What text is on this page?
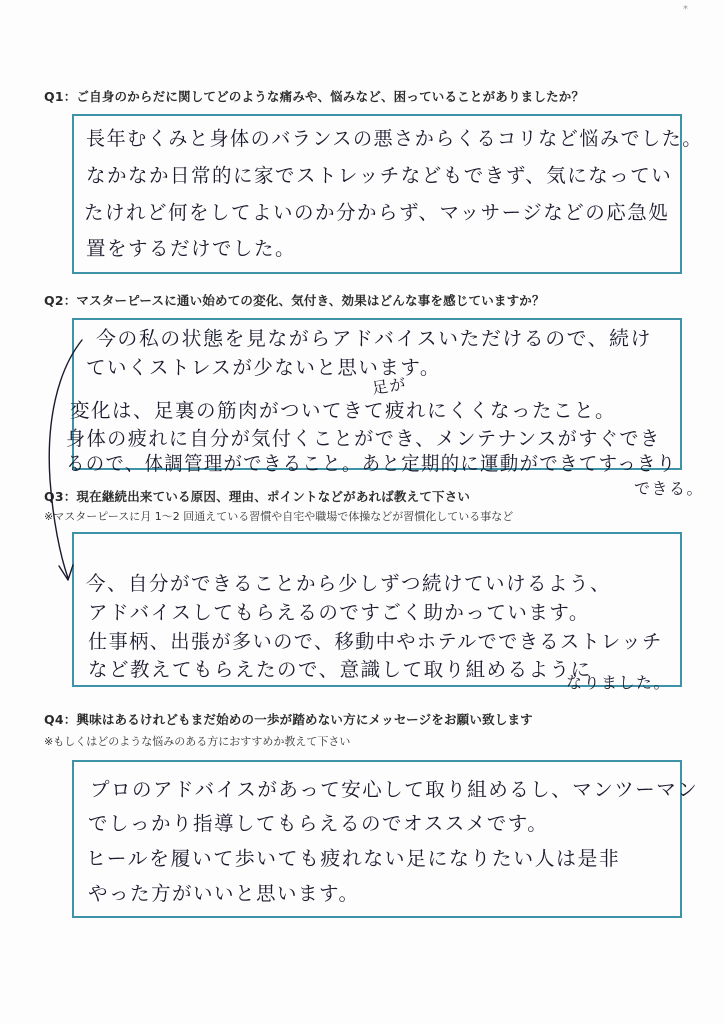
*
Q1：ご自身のからだに関してどのような痛みや、悩みなど、困っていることがありましたか？
長年むくみと身体のバランスの悪さからくるコリなど悩みでした。
なかなか日常的に家でストレッチなどもできず、気になってい
たけれど何をしてよいのか分からず、マッサージなどの応急処
置をするだけでした。
Q2：マスターピースに通い始めての変化、気付き、効果はどんな事を感じていますか？
今の私の状態を見ながらアドバイスいただけるので、続け
ていくストレスが少ないと思います。
足が
変化は、足裏の筋肉がついてきて疲れにくくなったこと。
身体の疲れに自分が気付くことができ、メンテナンスがすぐでき
るので、体調管理ができること。あと定期的に運動ができてすっきり
できる。
Q3：現在継続出来ている原因、理由、ポイントなどがあれば教えて下さい
※マスターピースに月 1～2 回通えている習慣や自宅や職場で体操などが習慣化している事など
今、自分ができることから少しずつ続けていけるよう、
アドバイスしてもらえるのですごく助かっています。
仕事柄、出張が多いので、移動中やホテルでできるストレッチ
など教えてもらえたので、意識して取り組めるように
なりました。
Q4：興味はあるけれどもまだ始めの一歩が踏めない方にメッセージをお願い致します
※もしくはどのような悩みのある方におすすめか教えて下さい
プロのアドバイスがあって安心して取り組めるし、マンツーマン
でしっかり指導してもらえるのでオススメです。
ヒールを履いて歩いても疲れない足になりたい人は是非
やった方がいいと思います。
